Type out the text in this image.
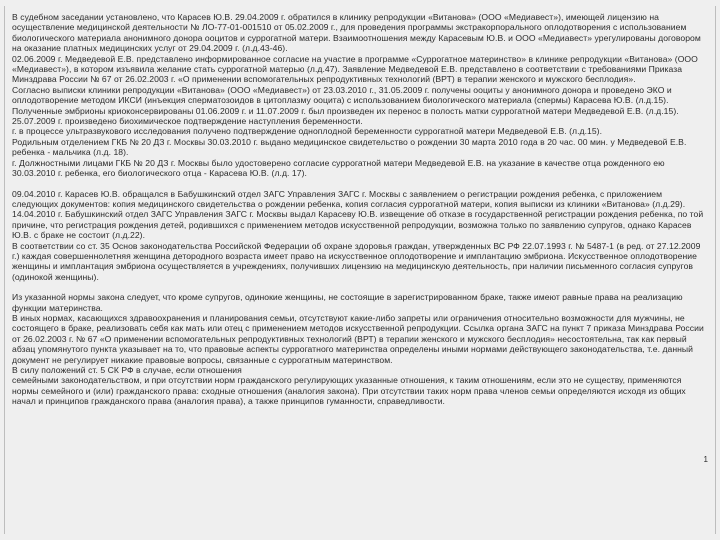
В судебном заседании установлено, что Карасев Ю.В. 29.04.2009 г. обратился в клинику репродукции «Витанова» (ООО «Медиавест»), имеющей лицензию на осуществление медицинской деятельности № ЛО-77-01-001510 от 05.02.2009 г., для проведения программы экстракорпорального оплодотворения с использованием биологического материала анонимного донора ооцитов и суррогатной матери. Взаимоотношения между Карасевым Ю.В. и ООО «Медиавест» урегулированы договором на оказание платных медицинских услуг от 29.04.2009 г. (л.д.43-46).

02.06.2009 г. Медведевой Е.В. представлено информированное согласие на участие в программе «Суррогатное материнство» в клинике репродукции «Витанова» (ООО «Медиавест»), в котором изъявила желание стать суррогатной матерью (л.д.47). Заявление Медведевой Е.В. представлено в соответствии с требованиями Приказа Минздрава России № 67 от 26.02.2003 г. «О применении вспомогательных репродуктивных технологий (ВРТ) в терапии женского и мужского бесплодия».

Согласно выписки клиники репродукции «Витанова» (ООО «Медиавест») от 23.03.2010 г., 31.05.2009 г. получены ооциты у анонимного донора и проведено ЭКО и оплодотворение методом ИКСИ (инъекция сперматозоидов в цитоплазму ооцита) с использованием биологического материала (спермы) Карасева Ю.В. (л.д.15).

Полученные эмбрионы криоконсервированы 01.06.2009 г. и 11.07.2009 г. был произведен их перенос в полость матки суррогатной матери Медведевой Е.В. (л.д.15).

25.07.2009 г. произведено биохимическое подтверждение наступления беременности.

г. в процессе ультразвукового исследования получено подтверждение одноплодной беременности суррогатной матери Медведевой Е.В. (л.д.15).

Родильным отделением ГКБ № 20 ДЗ г. Москвы 30.03.2010 г. выдано медицинское свидетельство о рождении 30 марта 2010 года в 20 час. 00 мин. у Медведевой Е.В. ребенка - мальчика (л.д. 18).

г. Должностными лицами ГКБ № 20 ДЗ г. Москвы было удостоверено согласие суррогатной матери Медведевой Е.В. на указание в качестве отца рожденного ею 30.03.2010 г. ребенка, его биологического отца - Карасева Ю.В. (л.д. 17).

09.04.2010 г. Карасев Ю.В. обращался в Бабушкинский отдел ЗАГС Управления ЗАГС г. Москвы с заявлением о регистрации рождения ребенка, с приложением следующих документов: копия медицинского свидетельства о рождении ребенка, копия согласия суррогатной матери, копия выписки из клиники «Витанова» (л.д.29).

14.04.2010 г. Бабушкинский отдел ЗАГС Управления ЗАГС г. Москвы выдал Карасеву Ю.В. извещение об отказе в государственной регистрации рождения ребенка, по той причине, что регистрация рождения детей, родившихся с применением методов искусственной репродукции, возможна только по заявлению супругов, однако Карасев Ю.В. с браке не состоит (л.д.22).

В соответствии со ст. 35 Основ законодательства Российской Федерации об охране здоровья граждан, утвержденных ВС РФ 22.07.1993 г. № 5487-1 (в ред. от 27.12.2009 г.) каждая совершеннолетняя женщина детородного возраста имеет право на искусственное оплодотворение и имплантацию эмбриона. Искусственное оплодотворение женщины и имплантация эмбриона осуществляется в учреждениях, получивших лицензию на медицинскую деятельность, при наличии письменного согласия супругов (одинокой женщины).

Из указанной нормы закона следует, что кроме супругов, одинокие женщины, не состоящие в зарегистрированном браке, также имеют равные права на реализацию функции материнства.

В иных нормах, касающихся здравоохранения и планирования семьи, отсутствуют какие-либо запреты или ограничения относительно возможности для мужчины, не состоящего в браке, реализовать себя как мать или отец с применением методов искусственной репродукции. Ссылка органа ЗАГС на пункт 7 приказа Минздрава России от 26.02.2003 г. № 67 «О применении вспомогательных репродуктивных технологий (ВРТ) в терапии женского и мужского бесплодия» несостоятельна, так как первый абзац упомянутого пункта указывает на то, что правовые аспекты суррогатного материнства определены иными нормами действующего законодательства, т.е. данный документ не регулирует никакие правовые вопросы, связанные с суррогатным материнством.

В силу положений ст. 5 СК РФ в случае, если отношения

семейными законодательством, и при отсутствии норм гражданского регулирующих указанные отношения, к таким отношениям, если это не существу, применяются нормы семейного и (или) гражданского права: сходные отношения (аналогия закона). При отсутствии таких норм права членов семьи определяются исходя из общих начал и принципов гражданского права (аналогия права), а также принципов гуманности, справедливости.

1
